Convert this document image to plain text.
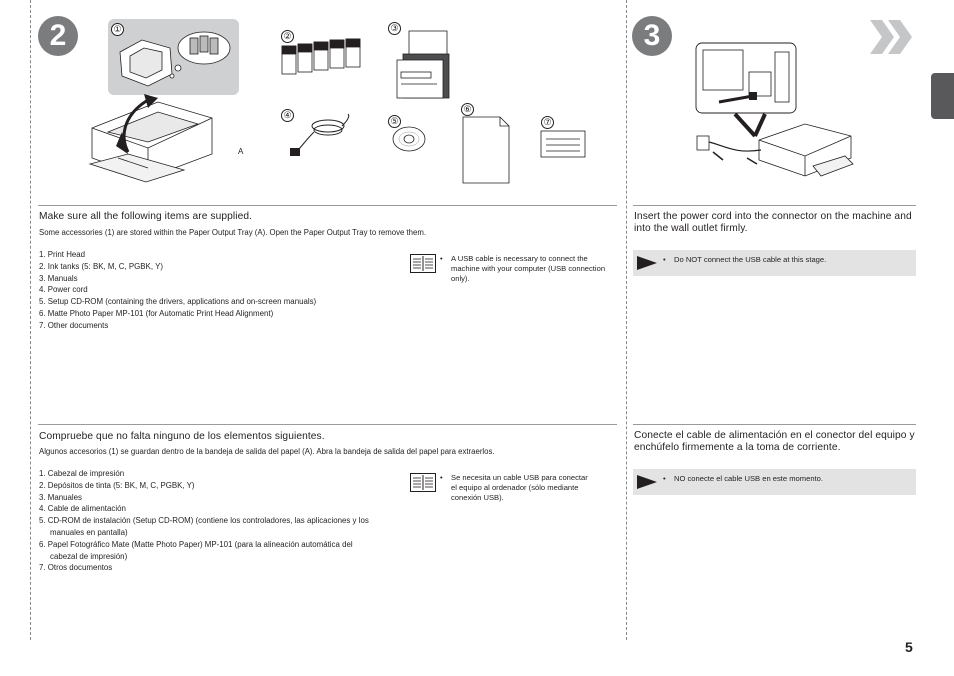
2	3
①
A
②
③
④
⑤
⑥
⑦
Make sure all the following items are supplied.
Some accessories (1) are stored within the Paper Output Tray (A). Open the Paper Output Tray to remove them.
1. Print Head
2. Ink tanks (5: BK, M, C, PGBK, Y)
3. Manuals
4. Power cord
5. Setup CD-ROM (containing the drivers, applications and on-screen manuals)
6. Matte Photo Paper MP-101 (for Automatic Print Head Alignment)
7. Other documents
• A USB cable is necessary to connect the machine with your computer (USB connection only).
Insert the power cord into the connector on the machine and into the wall outlet firmly.
• Do NOT connect the USB cable at this stage.
Compruebe que no falta ninguno de los elementos siguientes.
Algunos accesorios (1) se guardan dentro de la bandeja de salida del papel (A). Abra la bandeja de salida del papel para extraerlos.
1. Cabezal de impresión
2. Depósitos de tinta (5: BK, M, C, PGBK, Y)
3. Manuales
4. Cable de alimentación
5. CD-ROM de instalación (Setup CD-ROM) (contiene los controladores, las aplicaciones y los manuales en pantalla)
6. Papel Fotográfico Mate (Matte Photo Paper) MP-101 (para la alineación automática del cabezal de impresión)
7. Otros documentos
• Se necesita un cable USB para conectar el equipo al ordenador (sólo mediante conexión USB).
Conecte el cable de alimentación en el conector del equipo y enchúfelo firmemente a la toma de corriente.
• NO conecte el cable USB en este momento.
5
